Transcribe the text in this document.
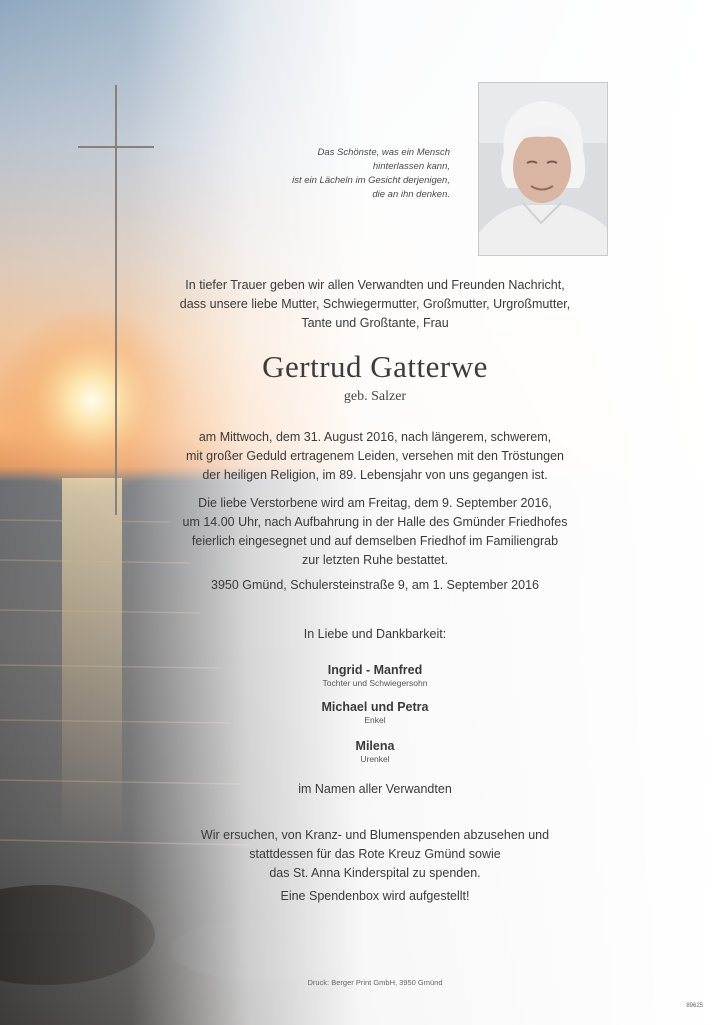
Das Schönste, was ein Mensch
hinterlassen kann,
ist ein Lächeln im Gesicht derjenigen,
die an ihn denken.
In tiefer Trauer geben wir allen Verwandten und Freunden Nachricht,
dass unsere liebe Mutter, Schwiegermutter, Großmutter, Urgroßmutter,
Tante und Großtante, Frau
Gertrud Gatterwe
geb. Salzer
am Mittwoch, dem 31. August 2016, nach längerem, schwerem,
mit großer Geduld ertragenem Leiden, versehen mit den Tröstungen
der heiligen Religion, im 89. Lebensjahr von uns gegangen ist.
Die liebe Verstorbene wird am Freitag, dem 9. September 2016,
um 14.00 Uhr, nach Aufbahrung in der Halle des Gmünder Friedhofes
feierlich eingesegnet und auf demselben Friedhof im Familiengrab
zur letzten Ruhe bestattet.
3950 Gmünd, Schulersteinstraße 9, am 1. September 2016
In Liebe und Dankbarkeit:
Ingrid - Manfred
Tochter und Schwiegersohn
Michael und Petra
Enkel
Milena
Urenkel
im Namen aller Verwandten
Wir ersuchen, von Kranz- und Blumenspenden abzusehen und
stattdessen für das Rote Kreuz Gmünd sowie
das St. Anna Kinderspital zu spenden.
Eine Spendenbox wird aufgestellt!
Druck: Berger Print GmbH, 3950 Gmünd
89625
